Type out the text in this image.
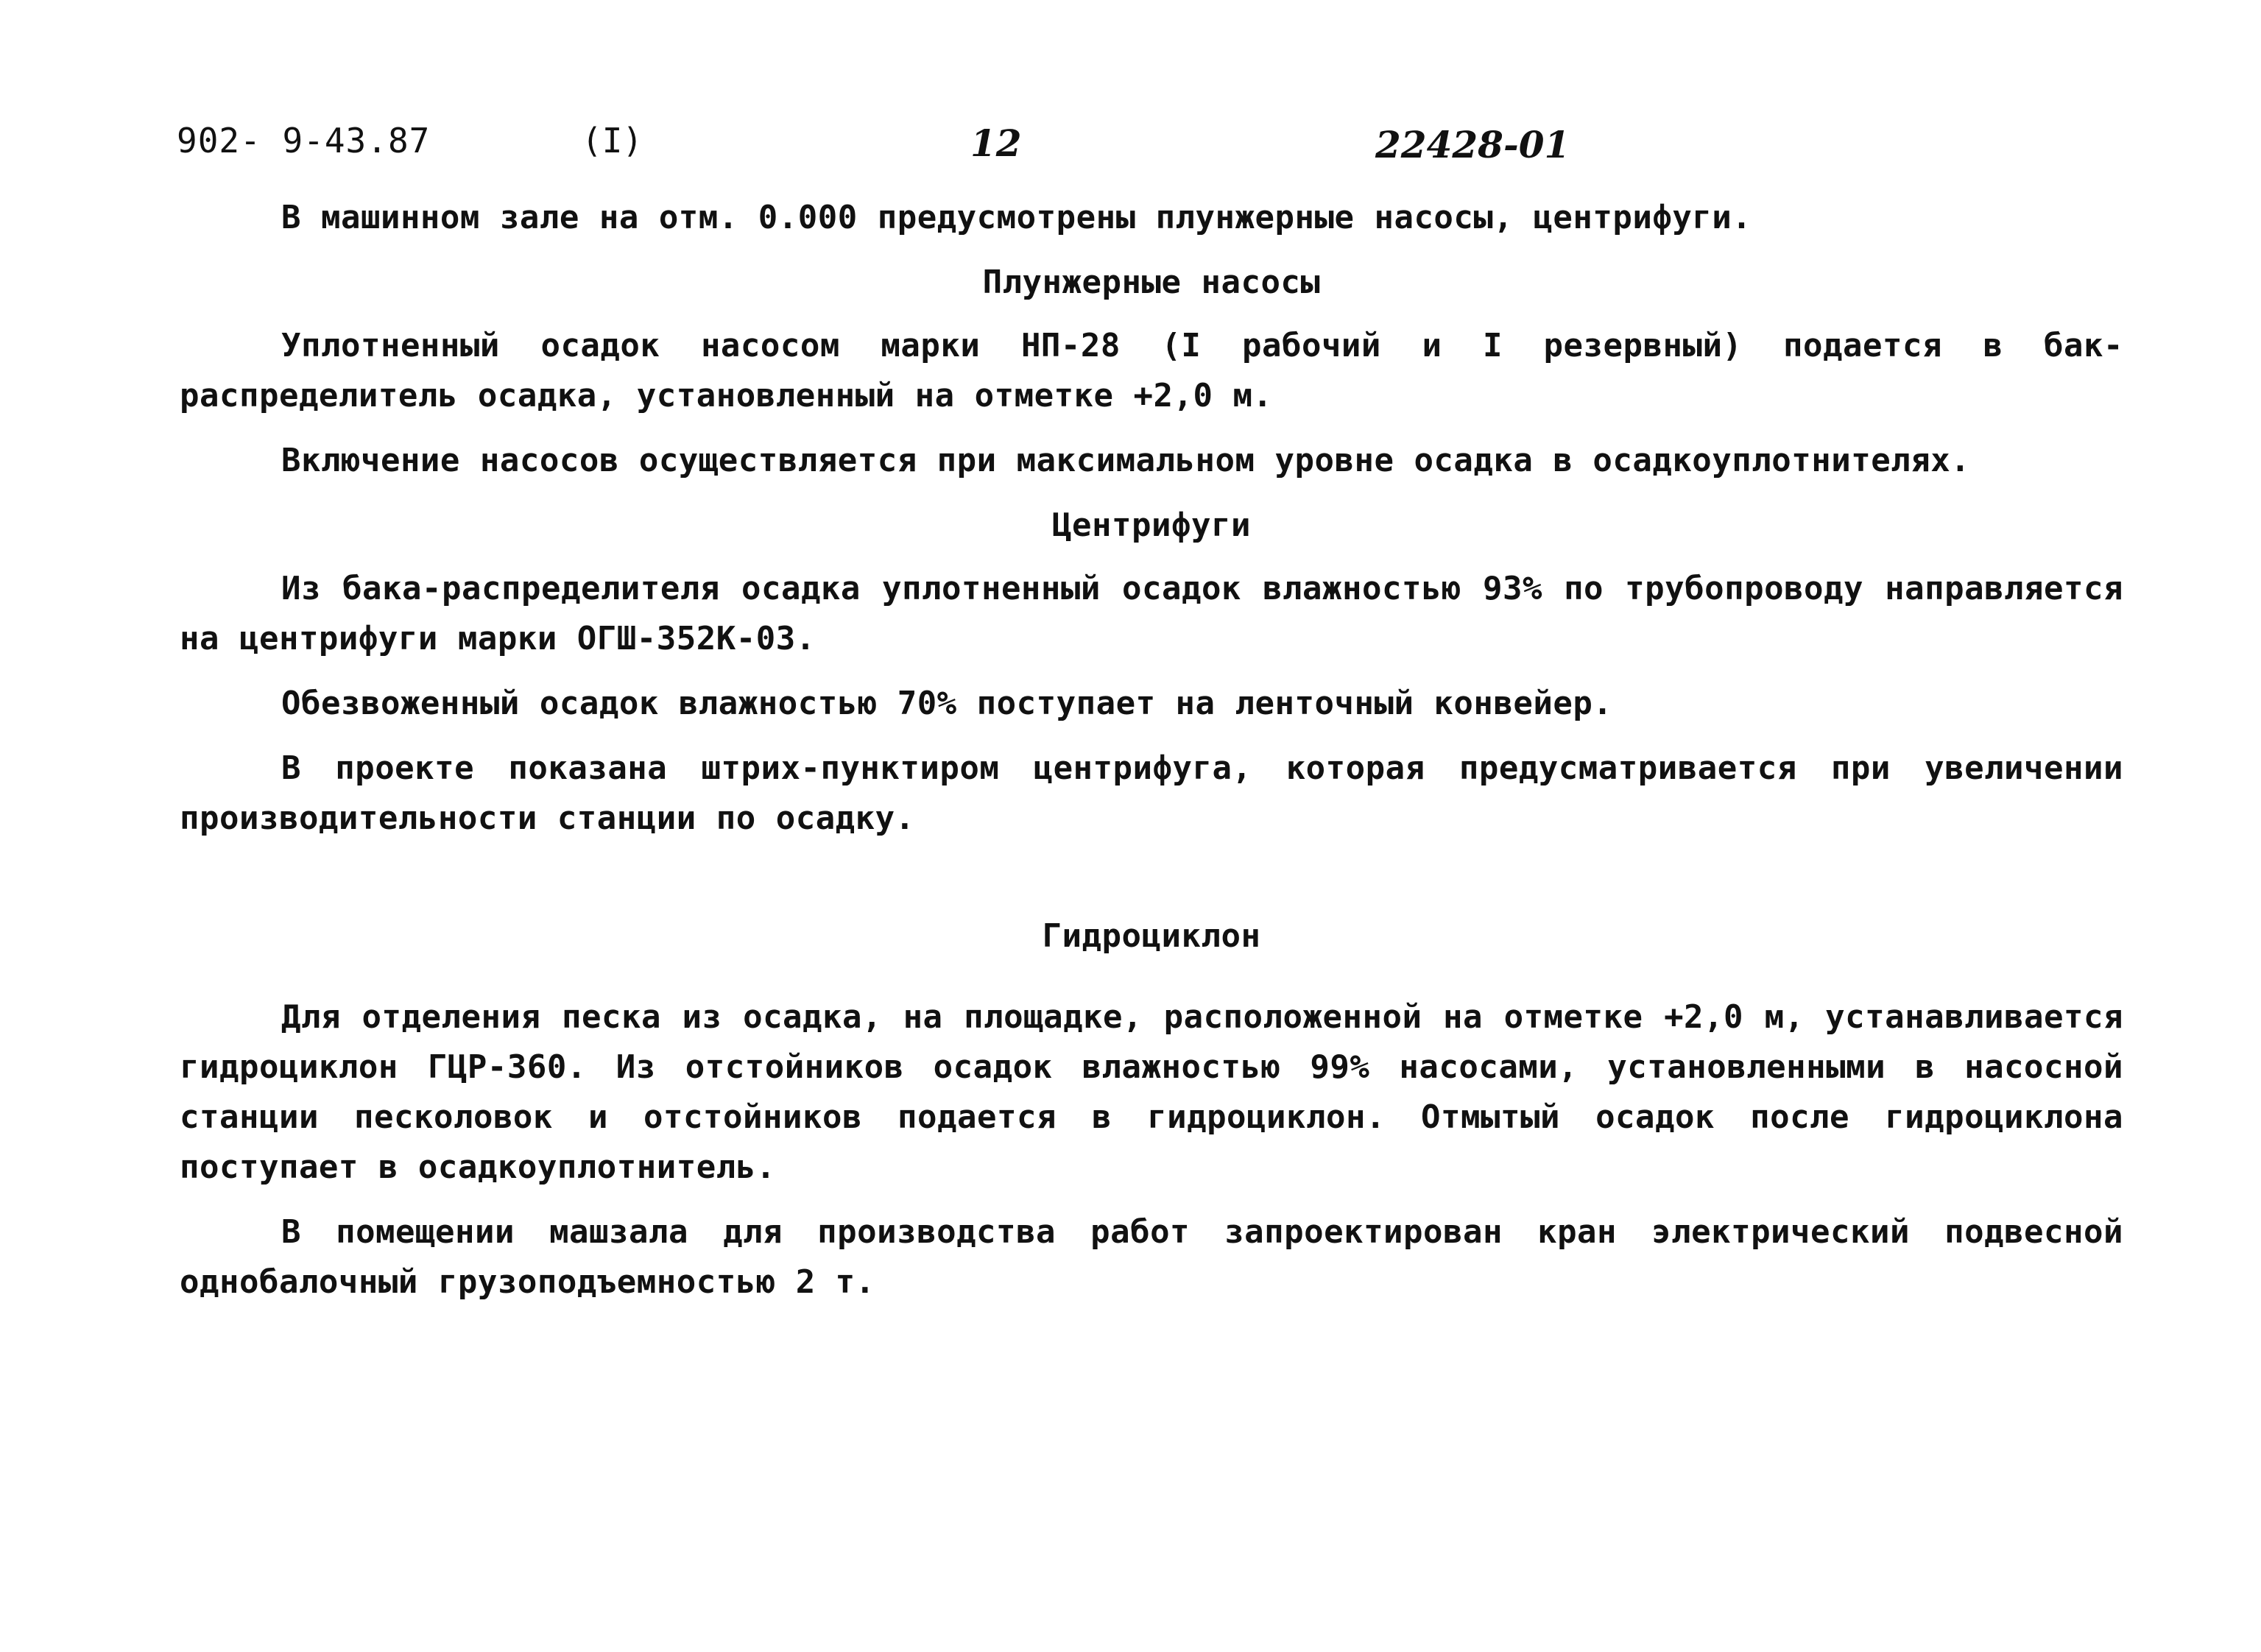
902- 9-43.87	(I)	12	22428-01

В машинном зале на отм. 0.000 предусмотрены плунжерные насосы, центрифуги.

Плунжерные насосы

Уплотненный осадок насосом марки НП-28 (I рабочий и I резервный) подается в бак-распределитель осадка, установленный на отметке +2,0 м.

Включение насосов осуществляется при максимальном уровне осадка в осадкоуплотнителях.

Центрифуги

Из бака-распределителя осадка уплотненный осадок влажностью 93% по трубопроводу направляется на центрифуги марки ОГШ-352К-03.

Обезвоженный осадок влажностью 70% поступает на ленточный конвейер.

В проекте показана штрих-пунктиром центрифуга, которая предусматривается при увеличении производительности станции по осадку.

Гидроциклон

Для отделения песка из осадка, на площадке, расположенной на отметке +2,0 м, устанавливается гидроциклон ГЦР-360. Из отстойников осадок влажностью 99% насосами, установленными в насосной станции песколовок и отстойников подается в гидроциклон. Отмытый осадок после гидроциклона поступает в осадкоуплотнитель.

В помещении машзала для производства работ запроектирован кран электрический подвесной однобалочный грузоподъемностью 2 т.
